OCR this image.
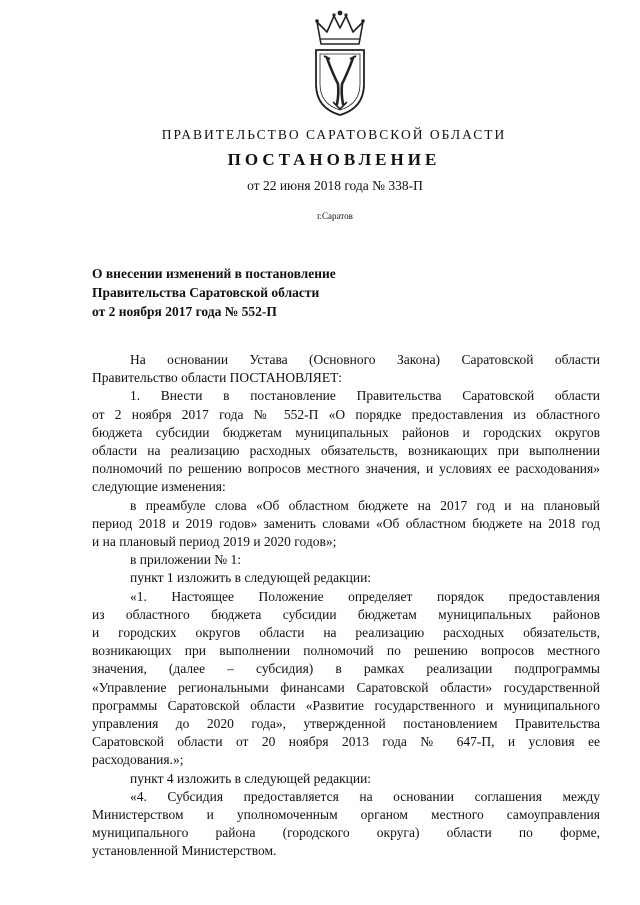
ПРАВИТЕЛЬСТВО САРАТОВСКОЙ ОБЛАСТИ
ПОСТАНОВЛЕНИЕ
от 22 июня 2018 года № 338-П
г.Саратов
О внесении изменений в постановление
Правительства Саратовской области
от 2 ноября 2017 года № 552-П

На основании Устава (Основного Закона) Саратовской области

Правительство области ПОСТАНОВЛЯЕТ:

1. Внести в постановление Правительства Саратовской области

от 2 ноября 2017 года № 552-П «О порядке предоставления из областного

бюджета субсидии бюджетам муниципальных районов и городских округов

области на реализацию расходных обязательств, возникающих при выполнении

полномочий по решению вопросов местного значения, и условиях ее расходования»

следующие изменения:

в преамбуле слова «Об областном бюджете на 2017 год и на плановый

период 2018 и 2019 годов» заменить словами «Об областном бюджете на 2018 год

и на плановый период 2019 и 2020 годов»;

в приложении № 1:

пункт 1 изложить в следующей редакции:

«1. Настоящее Положение определяет порядок предоставления

из областного бюджета субсидии бюджетам муниципальных районов

и городских округов области на реализацию расходных обязательств,

возникающих при выполнении полномочий по решению вопросов местного

значения, (далее – субсидия) в рамках реализации подпрограммы

«Управление региональными финансами Саратовской области» государственной

программы Саратовской области «Развитие государственного и муниципального

управления до 2020 года», утвержденной постановлением Правительства

Саратовской области от 20 ноября 2013 года № 647-П, и условия ее

расходования.»;

пункт 4 изложить в следующей редакции:

«4. Субсидия предоставляется на основании соглашения между

Министерством и уполномоченным органом местного самоуправления

муниципального района (городского округа) области по форме,

установленной Министерством.
